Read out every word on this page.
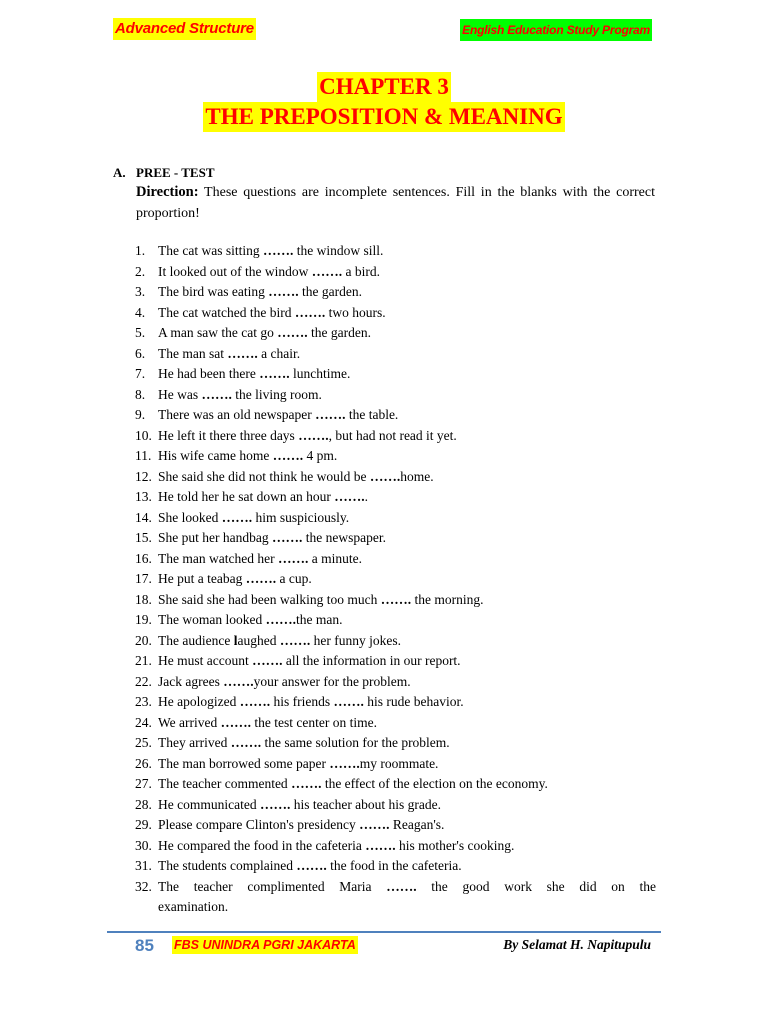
Advanced Structure	English Education Study Program
CHAPTER 3
THE PREPOSITION & MEANING
A. PREE - TEST
Direction: These questions are incomplete sentences. Fill in the blanks with the correct proportion!
1. The cat was sitting ……. the window sill.
2. It looked out of the window ……. a bird.
3. The bird was eating ……. the garden.
4. The cat watched the bird ……. two hours.
5. A man saw the cat go ……. the garden.
6. The man sat ……. a chair.
7. He had been there ……. lunchtime.
8. He was ……. the living room.
9. There was an old newspaper ……. the table.
10. He left it there three days ……., but had not read it yet.
11. His wife came home ……. 4 pm.
12. She said she did not think he would be …….home.
13. He told her he sat down an hour ……..
14. She looked ……. him suspiciously.
15. She put her handbag ……. the newspaper.
16. The man watched her ……. a minute.
17. He put a teabag ……. a cup.
18. She said she had been walking too much ……. the morning.
19. The woman looked …….the man.
20. The audience laughed ……. her funny jokes.
21. He must account ……. all the information in our report.
22. Jack agrees …….your answer for the problem.
23. He apologized ……. his friends ……. his rude behavior.
24. We arrived ……. the test center on time.
25. They arrived ……. the same solution for the problem.
26. The man borrowed some paper …….my roommate.
27. The teacher commented ……. the effect of the election on the economy.
28. He communicated ……. his teacher about his grade.
29. Please compare Clinton's presidency ……. Reagan's.
30. He compared the food in the cafeteria ……. his mother's cooking.
31. The students complained ……. the food in the cafeteria.
32. The teacher complimented Maria ……. the good work she did on the
examination.
85 FBS UNINDRA PGRI JAKARTA	By Selamat H. Napitupulu
